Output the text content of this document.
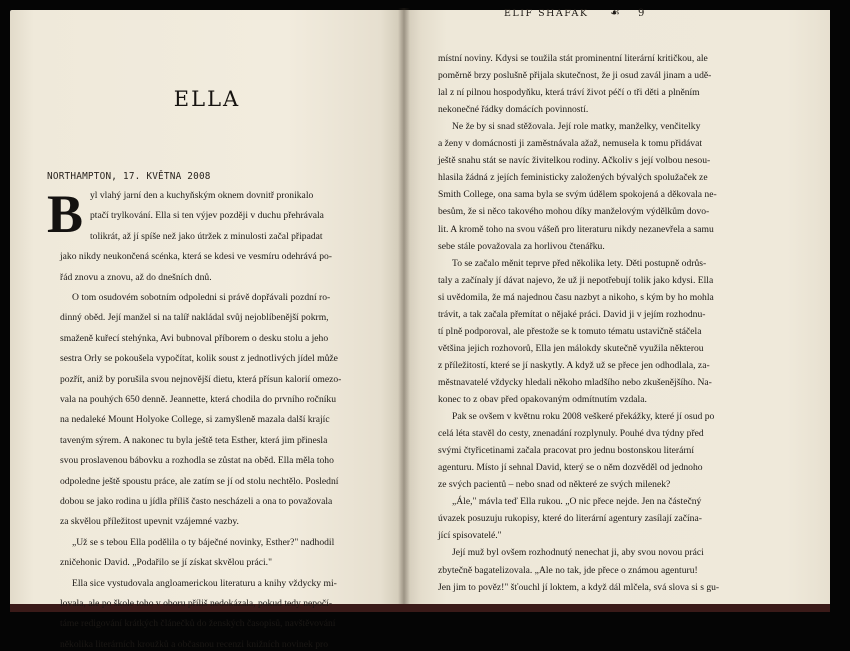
ELLA
NORTHAMPTON, 17. KVĚTNA 2008
B
ELIF SHAFAK ☙ 9
yl vlahý jarní den a kuchyňským oknem dovnitř pronikalo
ptačí trylkování. Ella si ten výjev později v duchu přehrávala
tolikrát, až jí spíše než jako útržek z minulosti začal připadat
jako nikdy neukončená scénka, která se kdesi ve vesmíru odehrává po-
řád znovu a znovu, až do dnešních dnů.
O tom osudovém sobotním odpoledni si právě dopřávali pozdní ro-
dinný oběd. Její manžel si na talíř nakládal svůj nejoblíbenější pokrm,
smaženě kuřecí stehýnka, Avi bubnoval příborem o desku stolu a jeho
sestra Orly se pokoušela vypočítat, kolik soust z jednotlivých jídel může
pozřít, aniž by porušila svou nejnovější dietu, která přísun kalorií omezo-
vala na pouhých 650 denně. Jeannette, která chodila do prvního ročníku
na nedaleké Mount Holyoke College, si zamyšleně mazala další krajíc
taveným sýrem. A nakonec tu byla ještě teta Esther, která jim přinesla
svou proslavenou bábovku a rozhodla se zůstat na oběd. Ella měla toho
odpoledne ještě spoustu práce, ale zatím se jí od stolu nechtělo. Poslední
dobou se jako rodina u jídla příliš často nescházeli a ona to považovala
za skvělou příležitost upevnit vzájemné vazby.
„Už se s tebou Ella podělila o ty báječné novinky, Esther?" nadhodil
zničehonic David. „Podařilo se jí získat skvělou práci."
Ella sice vystudovala angloamerickou literaturu a knihy vždycky mi-
lovala, ale po škole toho v oboru příliš nedokázala, pokud tedy nepočí-
táme redigování krátkých článečků do ženských časopisů, navštěvování
několika literárních kroužků a občasnou recenzi knižních novinek pro
místní noviny. Kdysi se toužila stát prominentní literární kritičkou, ale
poměrně brzy poslušně přijala skutečnost, že ji osud zavál jinam a udě-
lal z ní pilnou hospodyňku, která tráví život péčí o tři děti a plněním
nekonečné řádky domácích povinností.
Ne že by si snad stěžovala. Její role matky, manželky, venčitelky
a ženy v domácnosti ji zaměstnávala ažaž, nemusela k tomu přidávat
ještě snahu stát se navíc živitelkou rodiny. Ačkoliv s její volbou nesou-
hlasila žádná z jejích feministicky založených bývalých spolužaček ze
Smith College, ona sama byla se svým údělem spokojená a děkovala ne-
besům, že si něco takového mohou díky manželovým výdělkům dovo-
lit. A kromě toho na svou vášeň pro literaturu nikdy nezanevřela a samu
sebe stále považovala za horlivou čtenářku.
To se začalo měnit teprve před několika lety. Děti postupně odrůs-
taly a začínaly jí dávat najevo, že už ji nepotřebují tolik jako kdysi. Ella
si uvědomila, že má najednou času nazbyt a nikoho, s kým by ho mohla
trávit, a tak začala přemítat o nějaké práci. David ji v jejím rozhodnu-
tí plně podporoval, ale přestože se k tomuto tématu ustavičně stáčela
většina jejich rozhovorů, Ella jen málokdy skutečně využila některou
z příležitostí, které se jí naskytly. A když už se přece jen odhodlala, za-
městnavatelé vždycky hledali někoho mladšího nebo zkušenějšího. Na-
konec to z obav před opakovaným odmítnutím vzdala.
Pak se ovšem v květnu roku 2008 veškeré překážky, které jí osud po
celá léta stavěl do cesty, znenadání rozplynuly. Pouhé dva týdny před
svými čtyřicetinami začala pracovat pro jednu bostonskou literární
agenturu. Místo jí sehnal David, který se o něm dozvěděl od jednoho
ze svých pacientů – nebo snad od některé ze svých milenek?
„Ále," mávla teď Ella rukou. „O nic přece nejde. Jen na částečný
úvazek posuzuju rukopisy, které do literární agentury zasílají začína-
jící spisovatelé."
Její muž byl ovšem rozhodnutý nenechat ji, aby svou novou práci
zbytečně bagatelizovala. „Ale no tak, jde přece o známou agenturu!
Jen jim to pověz!" šťouchl jí loktem, a když dál mlčela, svá slova si s gu-
